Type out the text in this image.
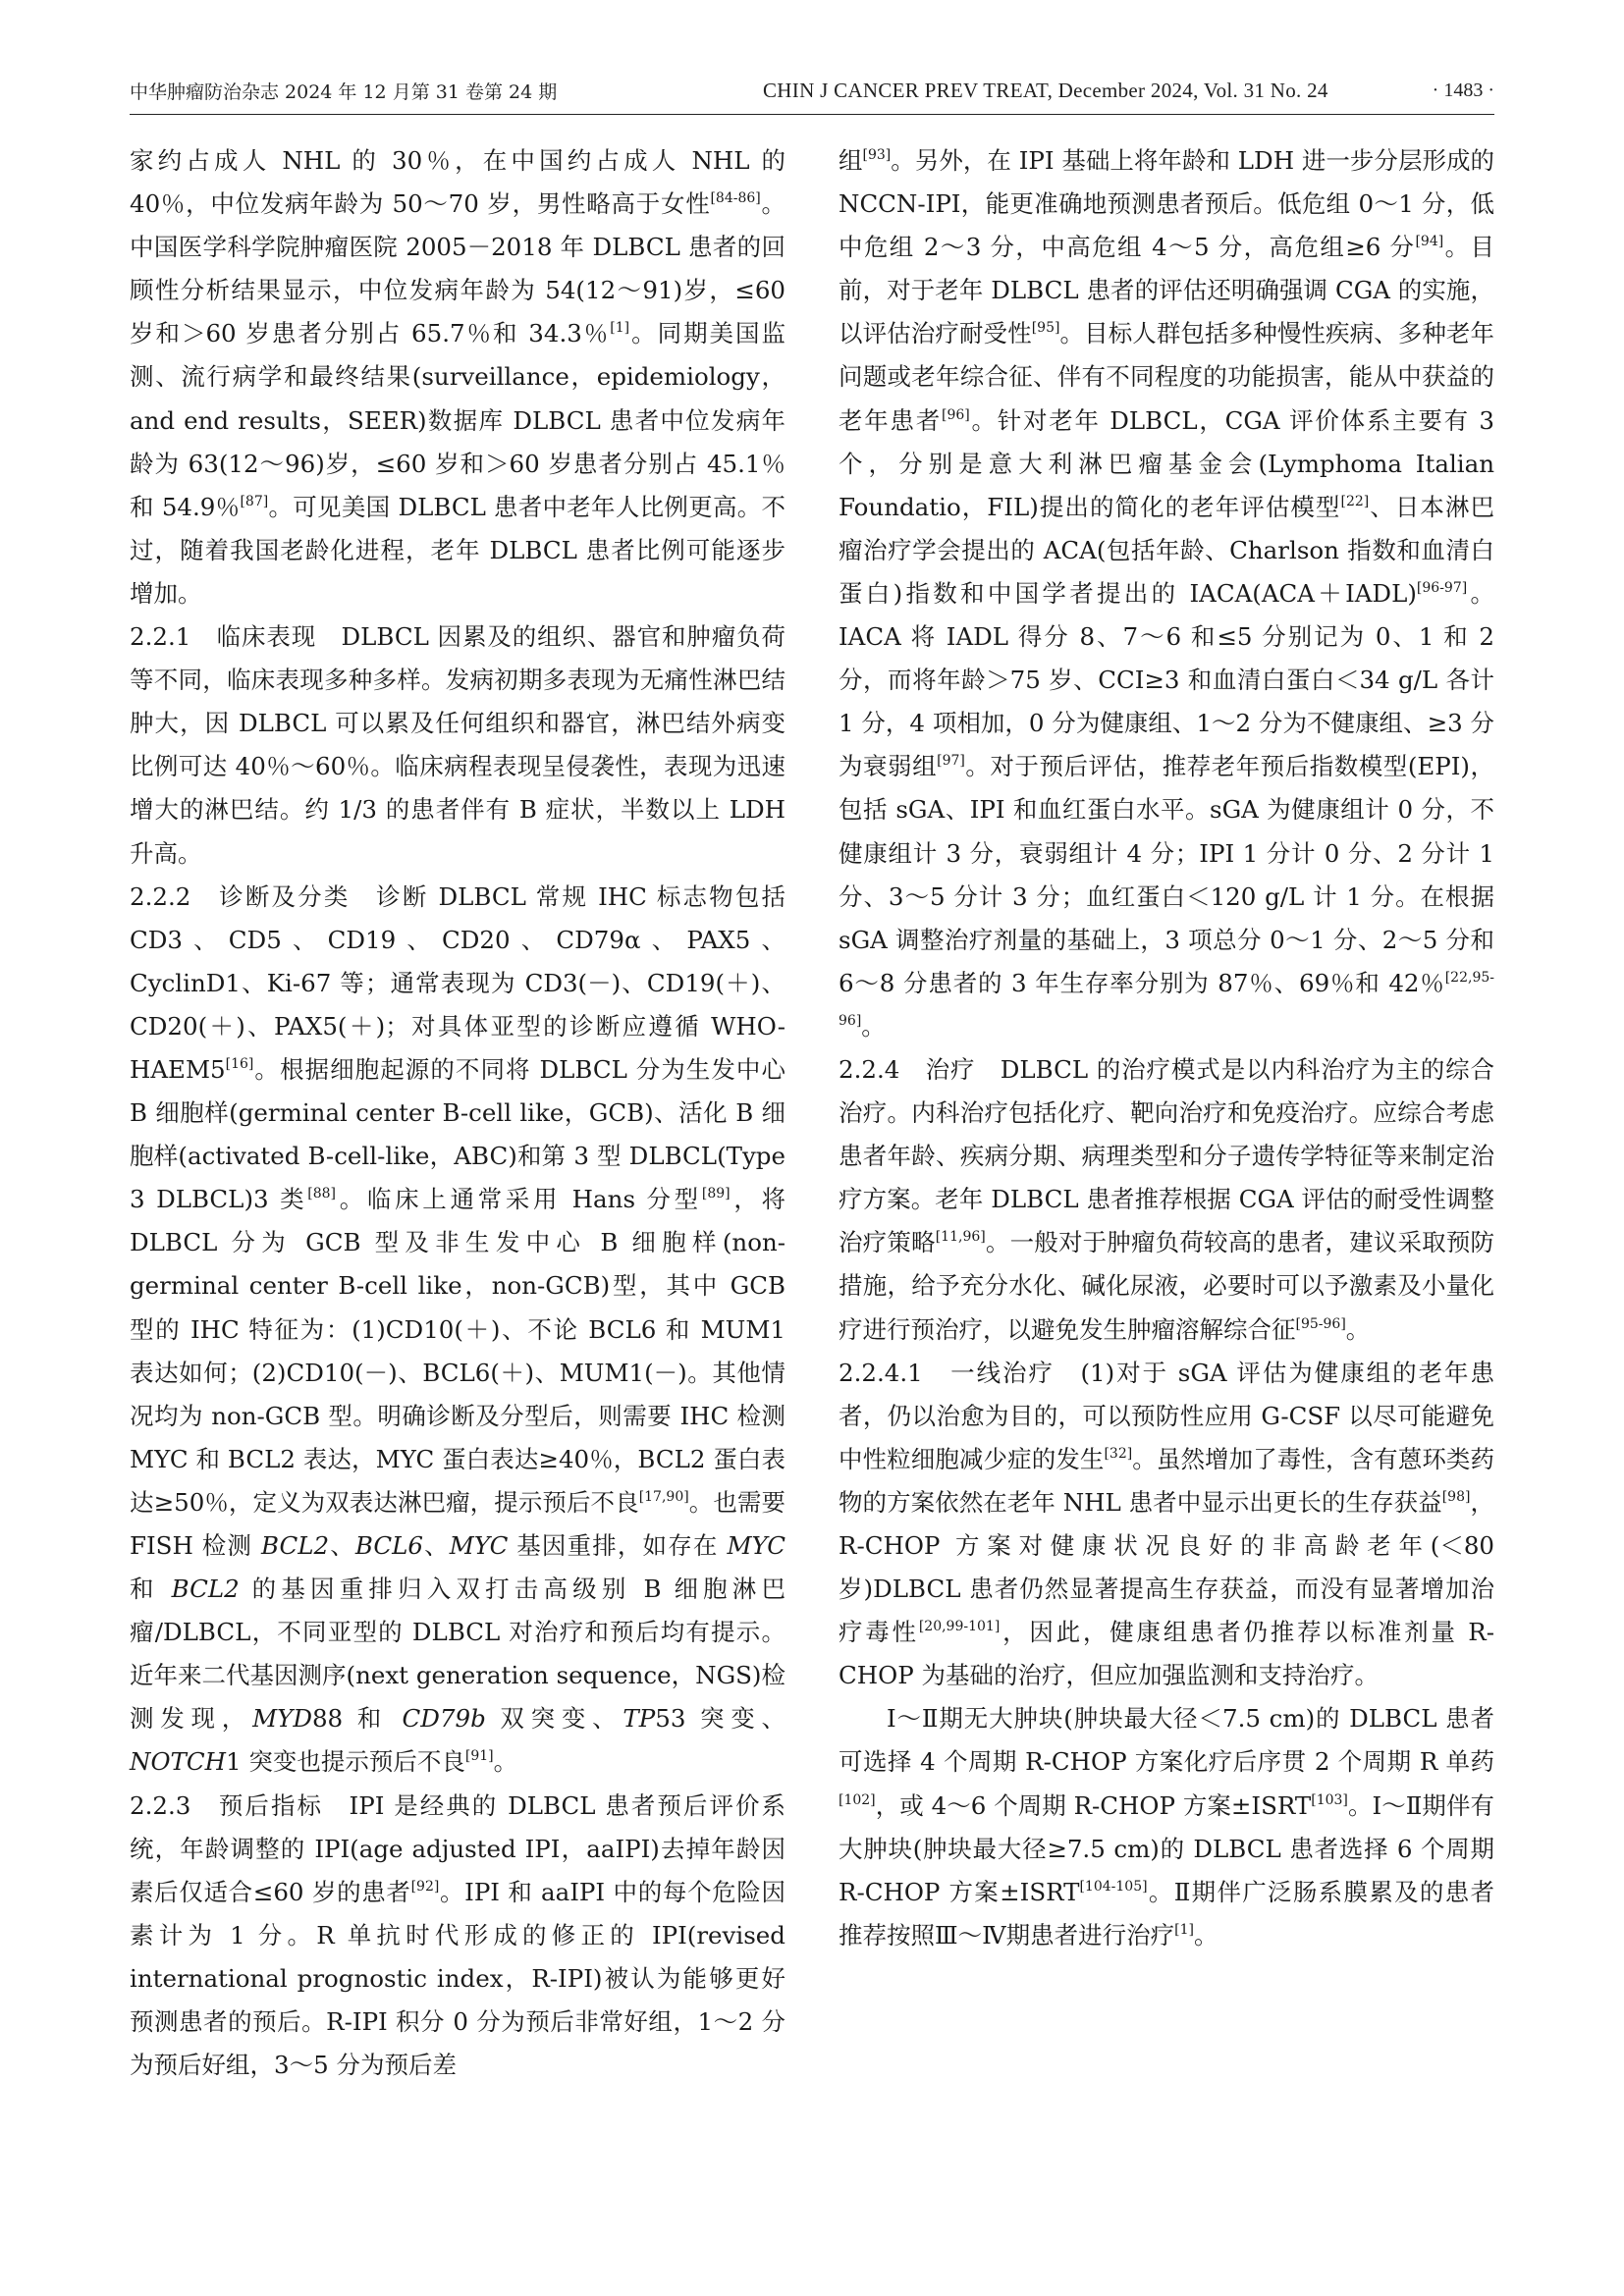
中华肿瘤防治杂志 2024 年 12 月第 31 卷第 24 期	CHIN J CANCER PREV TREAT, December 2024, Vol. 31 No. 24	· 1483 ·

家约占成人 NHL 的 30％，在中国约占成人 NHL 的 40％，中位发病年龄为 50～70 岁，男性略高于女性[84-86]。中国医学科学院肿瘤医院 2005－2018 年 DLBCL 患者的回顾性分析结果显示，中位发病年龄为 54(12～91)岁，≤60 岁和＞60 岁患者分别占 65.7％和 34.3％[1]。同期美国监测、流行病学和最终结果(surveillance，epidemiology，and end results，SEER)数据库 DLBCL 患者中位发病年龄为 63(12～96)岁，≤60 岁和＞60 岁患者分别占 45.1％和 54.9％[87]。可见美国 DLBCL 患者中老年人比例更高。不过，随着我国老龄化进程，老年 DLBCL 患者比例可能逐步增加。

2.2.1　临床表现　DLBCL 因累及的组织、器官和肿瘤负荷等不同，临床表现多种多样。发病初期多表现为无痛性淋巴结肿大，因 DLBCL 可以累及任何组织和器官，淋巴结外病变比例可达 40％～60％。临床病程表现呈侵袭性，表现为迅速增大的淋巴结。约 1/3 的患者伴有 B 症状，半数以上 LDH 升高。

2.2.2　诊断及分类　诊断 DLBCL 常规 IHC 标志物包括 CD3、CD5、CD19、CD20、CD79α、PAX5、CyclinD1、Ki-67 等；通常表现为 CD3(－)、CD19(＋)、CD20(＋)、PAX5(＋)；对具体亚型的诊断应遵循 WHO-HAEM5[16]。根据细胞起源的不同将 DLBCL 分为生发中心 B 细胞样(germinal center B-cell like，GCB)、活化 B 细胞样(activated B-cell-like，ABC)和第 3 型 DLBCL(Type 3 DLBCL)3 类[88]。临床上通常采用 Hans 分型[89]，将 DLBCL 分为 GCB 型及非生发中心 B 细胞样(non-germinal center B-cell like，non-GCB)型，其中 GCB 型的 IHC 特征为：(1)CD10(＋)、不论 BCL6 和 MUM1 表达如何；(2)CD10(－)、BCL6(＋)、MUM1(－)。其他情况均为 non-GCB 型。明确诊断及分型后，则需要 IHC 检测 MYC 和 BCL2 表达，MYC 蛋白表达≥40％，BCL2 蛋白表达≥50％，定义为双表达淋巴瘤，提示预后不良[17,90]。也需要 FISH 检测 BCL2、BCL6、MYC 基因重排，如存在 MYC 和 BCL2 的基因重排归入双打击高级别 B 细胞淋巴瘤/DLBCL，不同亚型的 DLBCL 对治疗和预后均有提示。近年来二代基因测序(next generation sequence，NGS)检测发现，MYD88 和 CD79b 双突变、TP53 突变、NOTCH1 突变也提示预后不良[91]。

2.2.3　预后指标　IPI 是经典的 DLBCL 患者预后评价系统，年龄调整的 IPI(age adjusted IPI，aaIPI)去掉年龄因素后仅适合≤60 岁的患者[92]。IPI 和 aaIPI 中的每个危险因素计为 1 分。R 单抗时代形成的修正的 IPI(revised international prognostic index，R-IPI)被认为能够更好预测患者的预后。R-IPI 积分 0 分为预后非常好组，1～2 分为预后好组，3～5 分为预后差

组[93]。另外，在 IPI 基础上将年龄和 LDH 进一步分层形成的 NCCN-IPI，能更准确地预测患者预后。低危组 0～1 分，低中危组 2～3 分，中高危组 4～5 分，高危组≥6 分[94]。目前，对于老年 DLBCL 患者的评估还明确强调 CGA 的实施，以评估治疗耐受性[95]。目标人群包括多种慢性疾病、多种老年问题或老年综合征、伴有不同程度的功能损害，能从中获益的老年患者[96]。针对老年 DLBCL，CGA 评价体系主要有 3 个，分别是意大利淋巴瘤基金会(Lymphoma Italian Foundatio，FIL)提出的简化的老年评估模型[22]、日本淋巴瘤治疗学会提出的 ACA(包括年龄、Charlson 指数和血清白蛋白)指数和中国学者提出的 IACA(ACA＋IADL)[96-97]。IACA 将 IADL 得分 8、7～6 和≤5 分别记为 0、1 和 2 分，而将年龄＞75 岁、CCI≥3 和血清白蛋白＜34 g/L 各计 1 分，4 项相加，0 分为健康组、1～2 分为不健康组、≥3 分为衰弱组[97]。对于预后评估，推荐老年预后指数模型(EPI)，包括 sGA、IPI 和血红蛋白水平。sGA 为健康组计 0 分，不健康组计 3 分，衰弱组计 4 分；IPI 1 分计 0 分、2 分计 1 分、3～5 分计 3 分；血红蛋白＜120 g/L 计 1 分。在根据 sGA 调整治疗剂量的基础上，3 项总分 0～1 分、2～5 分和 6～8 分患者的 3 年生存率分别为 87％、69％和 42％[22,95-96]。

2.2.4　治疗　DLBCL 的治疗模式是以内科治疗为主的综合治疗。内科治疗包括化疗、靶向治疗和免疫治疗。应综合考虑患者年龄、疾病分期、病理类型和分子遗传学特征等来制定治疗方案。老年 DLBCL 患者推荐根据 CGA 评估的耐受性调整治疗策略[11,96]。一般对于肿瘤负荷较高的患者，建议采取预防措施，给予充分水化、碱化尿液，必要时可以予激素及小量化疗进行预治疗，以避免发生肿瘤溶解综合征[95-96]。

2.2.4.1　一线治疗　(1)对于 sGA 评估为健康组的老年患者，仍以治愈为目的，可以预防性应用 G-CSF 以尽可能避免中性粒细胞减少症的发生[32]。虽然增加了毒性，含有蒽环类药物的方案依然在老年 NHL 患者中显示出更长的生存获益[98]，R-CHOP 方案对健康状况良好的非高龄老年(＜80 岁)DLBCL 患者仍然显著提高生存获益，而没有显著增加治疗毒性[20,99-101]，因此，健康组患者仍推荐以标准剂量 R-CHOP 为基础的治疗，但应加强监测和支持治疗。

Ⅰ～Ⅱ期无大肿块(肿块最大径＜7.5 cm)的 DLBCL 患者可选择 4 个周期 R-CHOP 方案化疗后序贯 2 个周期 R 单药[102]，或 4～6 个周期 R-CHOP 方案±ISRT[103]。Ⅰ～Ⅱ期伴有大肿块(肿块最大径≥7.5 cm)的 DLBCL 患者选择 6 个周期 R-CHOP 方案±ISRT[104-105]。Ⅱ期伴广泛肠系膜累及的患者推荐按照Ⅲ～Ⅳ期患者进行治疗[1]。
